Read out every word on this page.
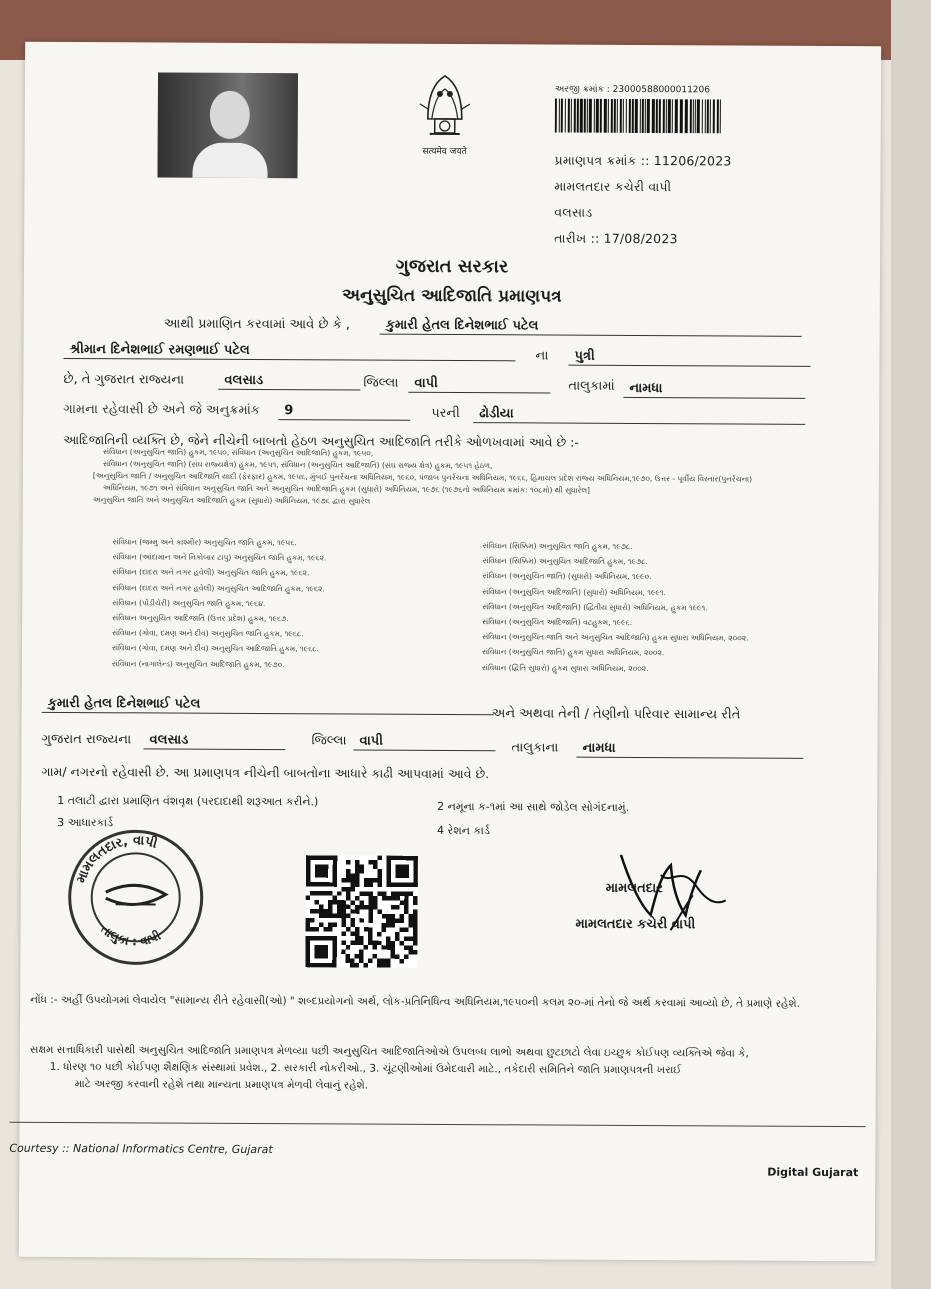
सत्यमेव जयते
અરજી ક્રમાંક : 23000588000011206
પ્રમાણપત્ર ક્રમાંક :: 11206/2023
મામલતદાર કચેરી વાપી
વલસાડ
તારીખ :: 17/08/2023
ગુજરાત સરકાર
અનુસુચિત આદિજાતિ પ્રમાણપત્ર
આથી પ્રમાણિત કરવામાં આવે છે કે ,	કુમારી હેતલ દિનેશભાઈ પટેલ
શ્રીમાન દિનેશભાઈ રમણભાઈ પટેલ	ના	પુત્રી
છે, તે ગુજરાત રાજ્યના	વલસાડ	જિલ્લા	વાપી	તાલુકામાં	નામધા
ગામના રહેવાસી છે અને જે અનુક્રમાંક	9	પરની	ઢોડીયા
આદિજાતિની વ્યક્તિ છે, જેને નીચેની બાબતો હેઠળ અનુસુચિત આદિજાતિ તરીકે ઓળખવામાં આવે છે :-
સંવિધાન (અનુસુચિત જાતિ) હુકમ, ૧૯૫૦, સંવિધાન (અનુસુચિત આદિજાતિ) હુકમ, ૧૯૫૦,
સંવિધાન (અનુસુચિત જાતિ) (સંઘ રાજ્યક્ષેત્ર) હુકમ, ૧૯૫૧, સંવિધાન (અનુસુચિત આદિજાતિ) (સંઘ રાજ્ય ક્ષેત્ર) હુકમ, ૧૯૫૧ હેઠળ,
[અનુસુચિત જાતિ / અનુસુચિત આદિજાતિ યાદી (ફેરફાર) હુકમ, ૧૯૫૬, મુંબઈ પુનર્રચના અધિનિયમ, ૧૯૬૦, પંજાબ પુનર્રચના અધિનિયમ, ૧૯૬૬, હિમાચલ પ્રદેશ રાજ્ય અધિનિયમ,૧૯૭૦, ઉત્તર - પૂર્વીય વિસ્તાર(પુનર્રચના)
અધિનિયમ, ૧૯૭૧ અને સંવિધાન અનુસુચિત જાતિ અને અનુસુચિત આદિજાતિ હુકમ (સુધારો) અધિનિયમ, ૧૯૭૬ (૧૯૭૬નો અધિનિયમ ક્રમાંક: ૧૦૮મો) થી સુધારેલ]
અનુસુચિત જાતિ અને અનુસુચિત આદિજાતિ હુકમ (સુધારો) અધિનિયમ, ૧૯૭૬ દ્વારા સુધારેલ
સંવિધાન (જમ્મુ અને કાશ્મીર) અનુસુચિત જાતિ હુકમ, ૧૯૫૬.
સંવિધાન (આંદામાન અને નિકોબાર ટાપુ) અનુસુચિત જાતિ હુકમ, ૧૯૬૨.
સંવિધાન (દાદરા અને નગર હવેલી) અનુસુચિત જાતિ હુકમ, ૧૯૬૨.
સંવિધાન (દાદરા અને નગર હવેલી) અનુસુચિત આદિજાતિ હુકમ, ૧૯૬૨.
સંવિધાન (પોંડીચેરી) અનુસુચિત જાતિ હુકમ, ૧૯૬૪.
સંવિધાન અનુસુચિત આદિજાતિ (ઉત્તર પ્રદેશ) હુકમ, ૧૯૬૭.
સંવિધાન (ગોવા, દમણ અને દીવ) અનુસુચિત જાતિ હુકમ, ૧૯૬૮.
સંવિધાન (ગોવા, દમણ અને દીવ) અનુસુચિત આદિજાતિ હુકમ, ૧૯૬૮.
સંવિધાન (નાગાલેન્ડ) અનુસુચિત આદિજાતિ હુકમ, ૧૯૭૦.
સંવિધાન (સિક્કિમ) અનુસુચિત જાતિ હુકમ, ૧૯૭૮.
સંવિધાન (સિક્કિમ) અનુસુચિત આદિજાતિ હુકમ, ૧૯૭૮.
સંવિધાન (અનુસુચિત જાતિ) (સુધારો) અધિનિયમ, ૧૯૯૦.
સંવિધાન (અનુસુચિત આદિજાતિ) (સુધારો) અધિનિયમ, ૧૯૯૧.
સંવિધાન (અનુસુચિત આદિજાતિ) (દ્વિતીય સુધારો) અધિનિયમ, હુકમ ૧૯૯૧.
સંવિધાન (અનુસુચિત આદિજાતિ) વટહુકમ, ૧૯૯૬.
સંવિધાન (અનુસુચિત જાતિ અને અનુસુચિત આદિજાતિ) હુકમ સુધારા અધિનિયમ, ૨૦૦૨.
સંવિધાન (અનુસુચિત જાતિ) હુકમ સુધારા અધિનિયમ, ૨૦૦૨.
સંવિધાન (દ્વિતિ સુધારો) હુકમ સુધારા અધિનિયમ, ૨૦૦૨.
કુમારી હેતલ દિનેશભાઈ પટેલ
અને અથવા તેની / તેણીનો પરિવાર સામાન્ય રીતે
ગુજરાત રાજ્યના	વલસાડ	જિલ્લા વાપી	તાલુકાના	નામધા
ગામ/ નગરનો રહેવાસી છે. આ પ્રમાણપત્ર નીચેની બાબતોના આધારે કાઢી આપવામાં આવે છે.
1 તલાટી દ્વારા પ્રમાણિત વંશવૃક્ષ (પરદાદાથી શરૂઆત કરીને.)	2 નમૂના ક-૧માં આ સાથે જોડેલ સોગંદનામું.
3 આધારકાર્ડ
4 રેશન કાર્ડ
મામલતદાર, વાપી
તાલુકા : વાપી
મામલતદાર
મામલતદાર કચેરી વાપી
નોંધ :- અહીં ઉપયોગમાં લેવાયેલ "સામાન્ય રીતે રહેવાસી(ઓ) " શબ્દપ્રયોગનો અર્થ, લોક-પ્રતિનિધિત્વ અધિનિયમ,૧૯૫૦ની કલમ ૨૦-માં તેનો જે અર્થ કરવામાં આવ્યો છે, તે પ્રમાણે રહેશે.
સક્ષમ સત્તાધિકારી પાસેથી અનુસુચિત આદિજાતિ પ્રમાણપત્ર મેળવ્યા પછી અનુસુચિત આદિજાતિઓએ ઉપલબ્ધ લાભો અથવા છુટછાટો લેવા ઇચ્છુક કોઈપણ વ્યક્તિએ જેવા કે,
1. ધોરણ ૧૦ પછી કોઈપણ શૈક્ષણિક સંસ્થામાં પ્રવેશ., 2. સરકારી નોકરીઓ., 3. ચૂંટણીઓમાં ઉમેદવારી માટે., તકેદારી સમિતિને જાતિ પ્રમાણપત્રની ખરાઈ
માટે અરજી કરવાની રહેશે તથા માન્યતા પ્રમાણપત્ર મેળવી લેવાનું રહેશે.
Courtesy :: National Informatics Centre, Gujarat
Digital Gujarat
